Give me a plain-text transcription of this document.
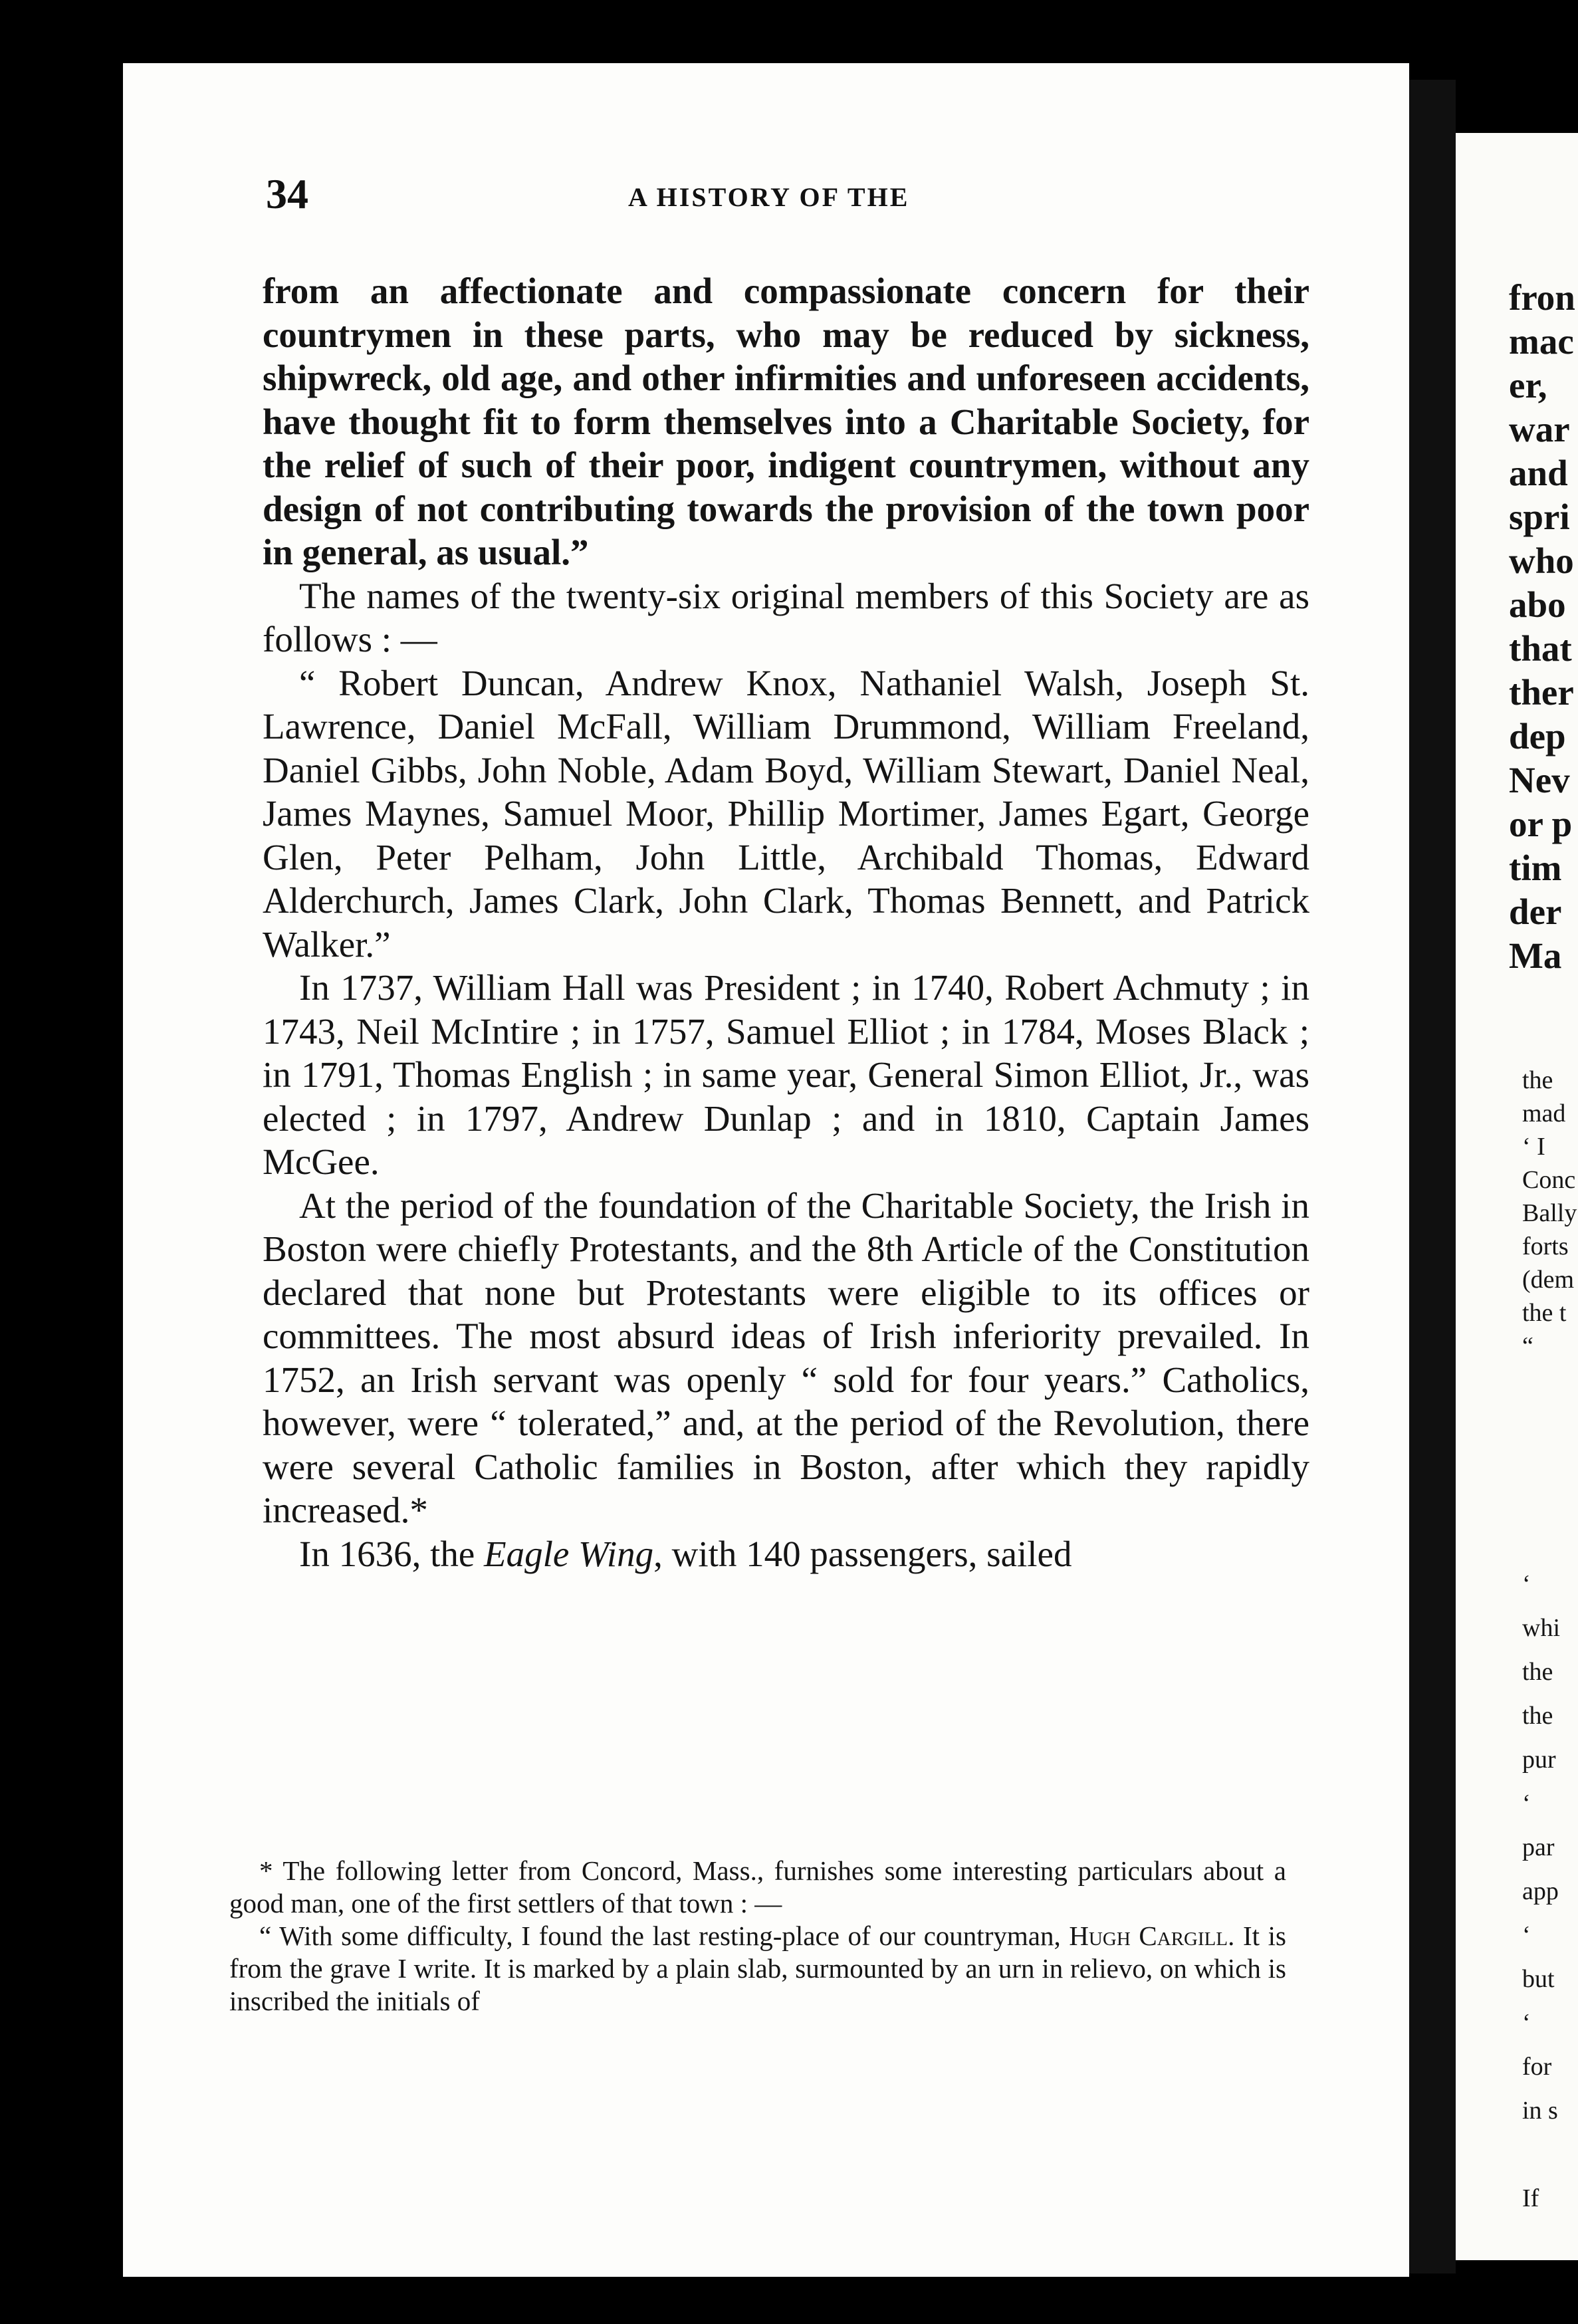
fron
mac
er,
war
and
spri
who
abo
that
ther
dep
Nev
or p
tim
der
Ma
the
mad
‘ I
Conc
Bally
forts
(dem
the t
“
‘
whi
the
the
pur
‘
par
app
‘
but
‘
for
in s

If
34	A HISTORY OF THE

from an affectionate and compassionate concern for their countrymen in these parts, who may be reduced by sickness, shipwreck, old age, and other infirmities and unforeseen accidents, have thought fit to form themselves into a Charitable Society, for the relief of such of their poor, indigent countrymen, without any design of not contributing towards the provision of the town poor in general, as usual.”

The names of the twenty-six original members of this Society are as follows : —

“ Robert Duncan, Andrew Knox, Nathaniel Walsh, Joseph St. Lawrence, Daniel McFall, William Drummond, William Freeland, Daniel Gibbs, John Noble, Adam Boyd, William Stewart, Daniel Neal, James Maynes, Samuel Moor, Phillip Mortimer, James Egart, George Glen, Peter Pelham, John Little, Archibald Thomas, Edward Alderchurch, James Clark, John Clark, Thomas Bennett, and Patrick Walker.”

In 1737, William Hall was President ; in 1740, Robert Achmuty ; in 1743, Neil McIntire ; in 1757, Samuel Elliot ; in 1784, Moses Black ; in 1791, Thomas English ; in same year, General Simon Elliot, Jr., was elected ; in 1797, Andrew Dunlap ; and in 1810, Captain James McGee.

At the period of the foundation of the Charitable Society, the Irish in Boston were chiefly Protestants, and the 8th Article of the Constitution declared that none but Protestants were eligible to its offices or committees. The most absurd ideas of Irish inferiority prevailed. In 1752, an Irish servant was openly “ sold for four years.” Catholics, however, were “ tolerated,” and, at the period of the Revolution, there were several Catholic families in Boston, after which they rapidly increased.*

In 1636, the Eagle Wing, with 140 passengers, sailed

* The following letter from Concord, Mass., furnishes some interesting particulars about a good man, one of the first settlers of that town : —

“ With some difficulty, I found the last resting-place of our countryman, Hugh Cargill. It is from the grave I write. It is marked by a plain slab, surmounted by an urn in relievo, on which is inscribed the initials of
